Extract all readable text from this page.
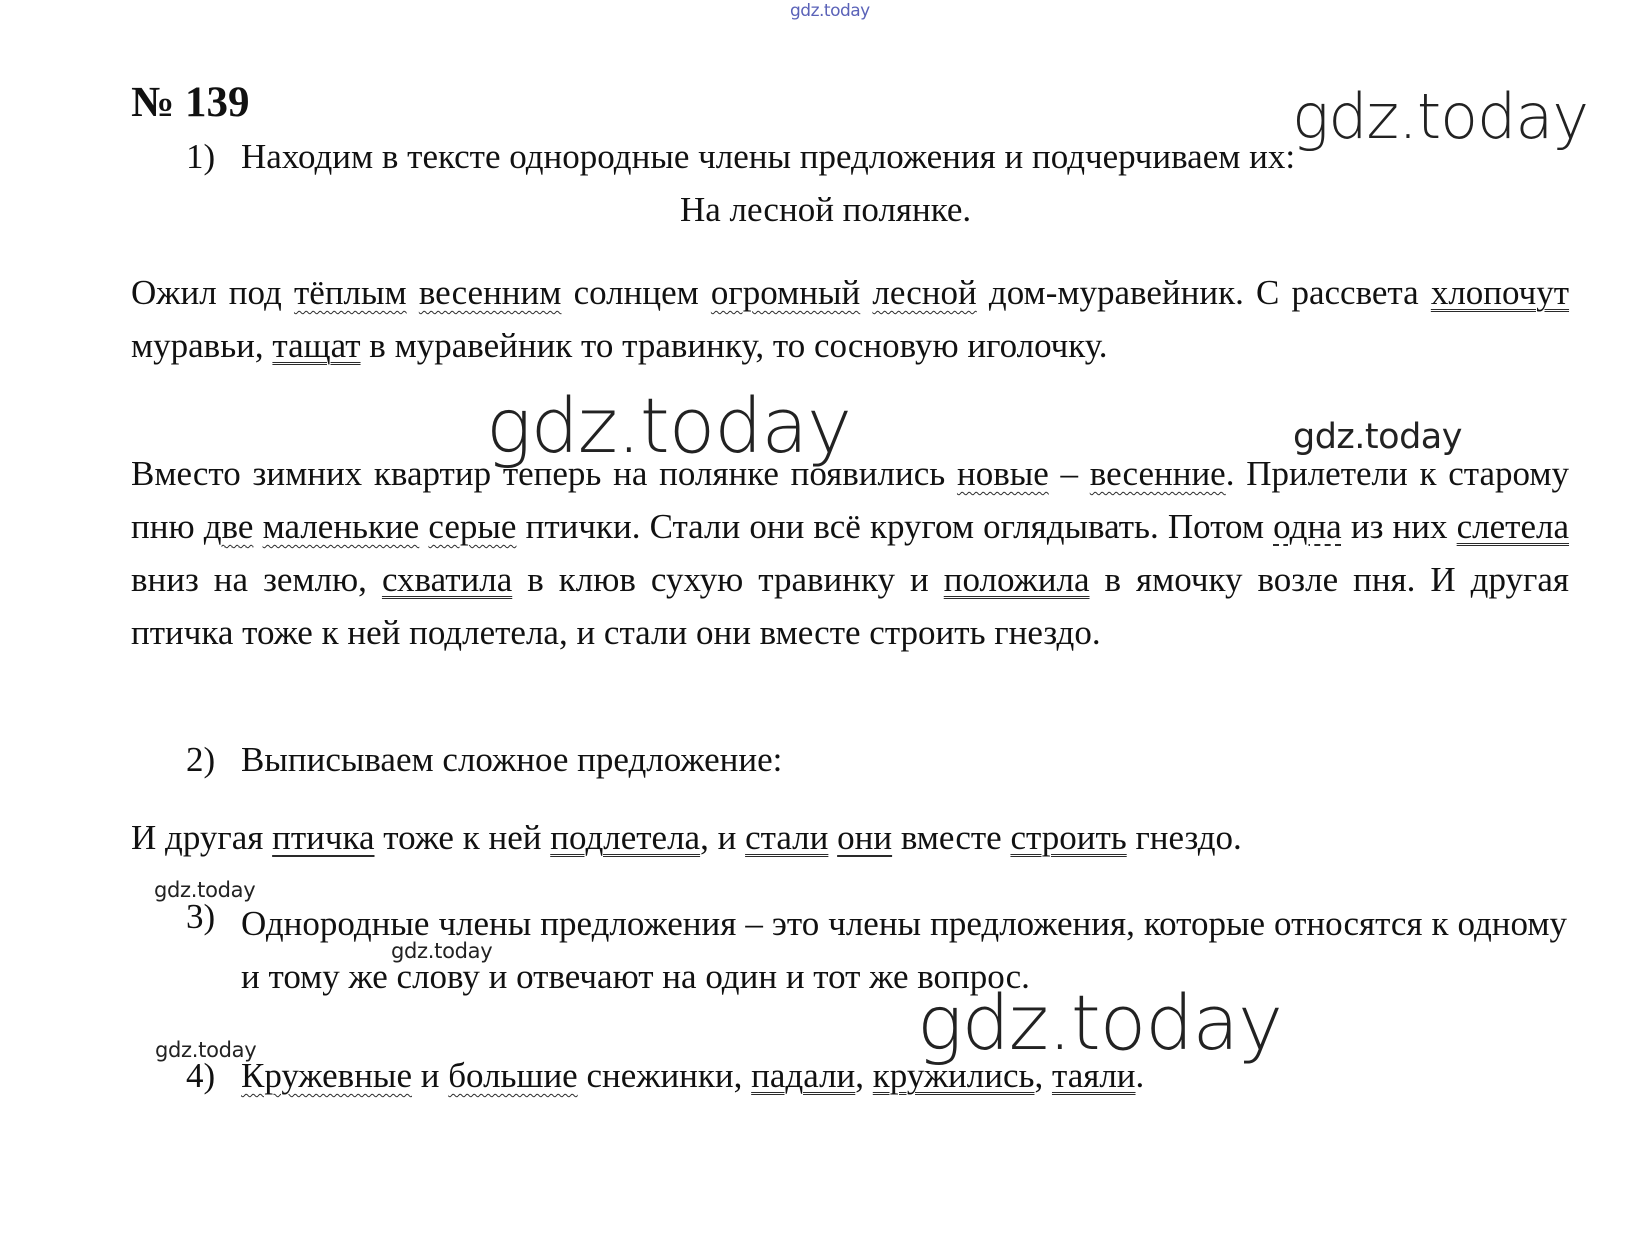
gdz.today
№ 139	gdz.today

1) Находим в тексте однородные члены предложения и подчерчиваем их:

На лесной полянке.

Ожил под тёплым весенним солнцем огромный лесной дом-муравейник. С рассвета хлопочут муравьи, тащат в муравейник то травинку, то сосновую иголочку.

gdz.today	gdz.today

Вместо зимних квартир теперь на полянке появились новые – весенние. Прилетели к старому пню две маленькие серые птички. Стали они всё кругом оглядывать. Потом одна из них слетела вниз на землю, схватила в клюв сухую травинку и положила в ямочку возле пня. И другая птичка тоже к ней подлетела, и стали они вместе строить гнездо.

2) Выписываем сложное предложение:

И другая птичка тоже к ней подлетела, и стали они вместе строить гнездо.

gdz.today
3) Однородные члены предложения – это члены предложения, которые относятся к одному и тому же слову и отвечают на один и тот же вопрос.
gdz.today
gdz.today
gdz.today

4) Кружевные и большие снежинки, падали, кружились, таяли.
